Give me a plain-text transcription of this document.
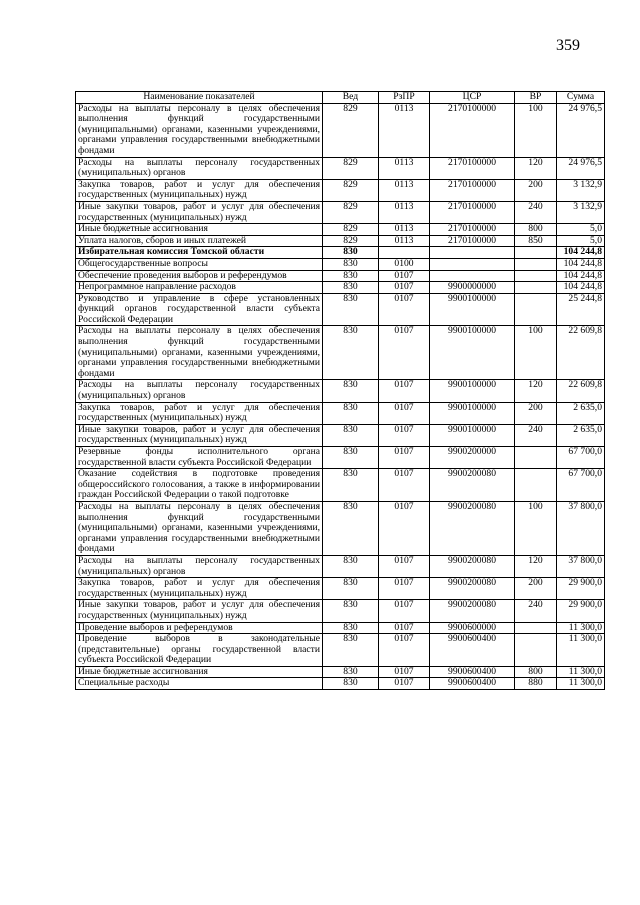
359
Наименование показателей	Вед	РзПР	ЦСР	ВР	Сумма
Расходы на выплаты персоналу в целях обеспечения выполнения функций государственными (муниципальными) органами, казенными учреждениями, органами управления государственными внебюджетными фондами	829	0113	2170100000	100	24 976,5
Расходы на выплаты персоналу государственных (муниципальных) органов	829	0113	2170100000	120	24 976,5
Закупка товаров, работ и услуг для обеспечения государственных (муниципальных) нужд	829	0113	2170100000	200	3 132,9
Иные закупки товаров, работ и услуг для обеспечения государственных (муниципальных) нужд	829	0113	2170100000	240	3 132,9
Иные бюджетные ассигнования	829	0113	2170100000	800	5,0
Уплата налогов, сборов и иных платежей	829	0113	2170100000	850	5,0
Избирательная комиссия Томской области	830				104 244,8
Общегосударственные вопросы	830	0100			104 244,8
Обеспечение проведения выборов и референдумов	830	0107			104 244,8
Непрограммное направление расходов	830	0107	9900000000		104 244,8
Руководство и управление в сфере установленных функций органов государственной власти субъекта Российской Федерации	830	0107	9900100000		25 244,8
Расходы на выплаты персоналу в целях обеспечения выполнения функций государственными (муниципальными) органами, казенными учреждениями, органами управления государственными внебюджетными фондами	830	0107	9900100000	100	22 609,8
Расходы на выплаты персоналу государственных (муниципальных) органов	830	0107	9900100000	120	22 609,8
Закупка товаров, работ и услуг для обеспечения государственных (муниципальных) нужд	830	0107	9900100000	200	2 635,0
Иные закупки товаров, работ и услуг для обеспечения государственных (муниципальных) нужд	830	0107	9900100000	240	2 635,0
Резервные фонды исполнительного органа государственной власти субъекта Российской Федерации	830	0107	9900200000		67 700,0
Оказание содействия в подготовке проведения общероссийского голосования, а также в информировании граждан Российской Федерации о такой подготовке	830	0107	9900200080		67 700,0
Расходы на выплаты персоналу в целях обеспечения выполнения функций государственными (муниципальными) органами, казенными учреждениями, органами управления государственными внебюджетными фондами	830	0107	9900200080	100	37 800,0
Расходы на выплаты персоналу государственных (муниципальных) органов	830	0107	9900200080	120	37 800,0
Закупка товаров, работ и услуг для обеспечения государственных (муниципальных) нужд	830	0107	9900200080	200	29 900,0
Иные закупки товаров, работ и услуг для обеспечения государственных (муниципальных) нужд	830	0107	9900200080	240	29 900,0
Проведение выборов и референдумов	830	0107	9900600000		11 300,0
Проведение выборов в законодательные (представительные) органы государственной власти субъекта Российской Федерации	830	0107	9900600400		11 300,0
Иные бюджетные ассигнования	830	0107	9900600400	800	11 300,0
Специальные расходы	830	0107	9900600400	880	11 300,0
